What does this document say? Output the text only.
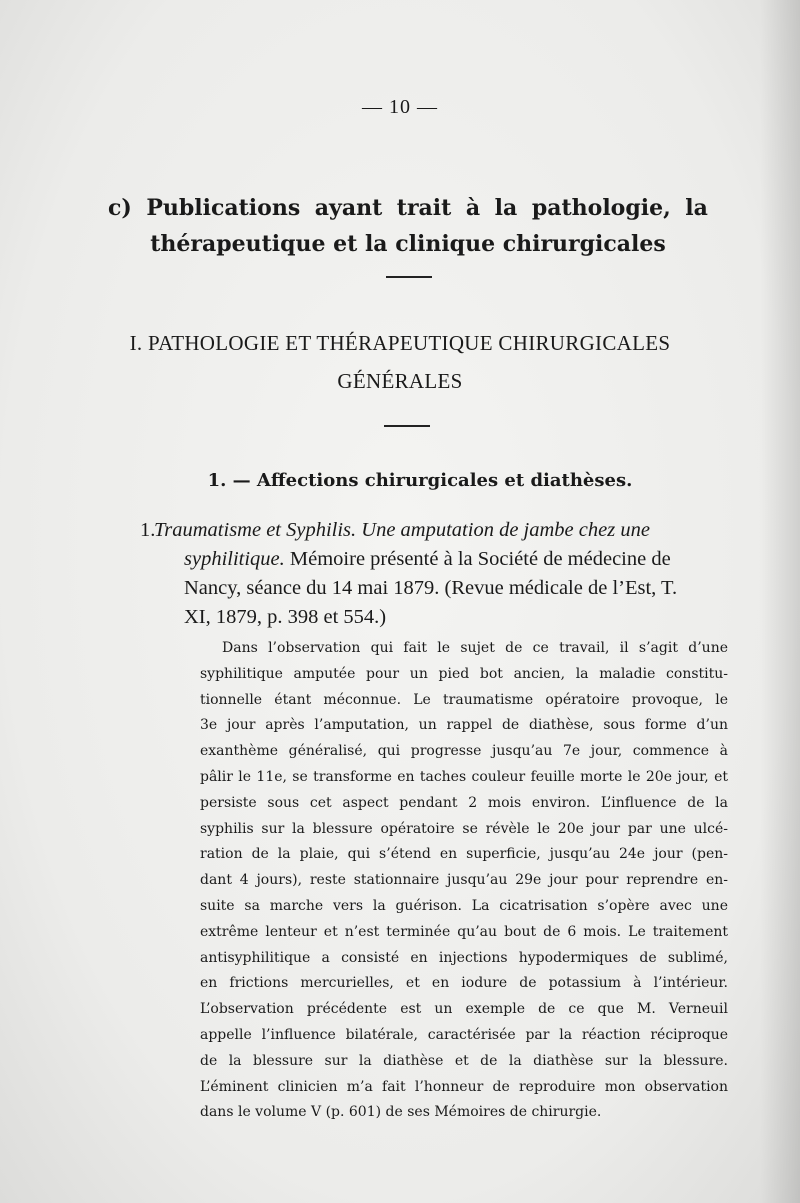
— 10 —
c) Publications ayant trait à la pathologie, la
thérapeutique et la clinique chirurgicales
I. PATHOLOGIE ET THÉRAPEUTIQUE CHIRURGICALES
GÉNÉRALES
1. — Affections chirurgicales et diathèses.
1.
Traumatisme et Syphilis. Une amputation de jambe chez une
syphilitique. Mémoire présenté à la Société de médecine de
Nancy, séance du 14 mai 1879. (Revue médicale de l’Est, T.
XI, 1879, p. 398 et 554.)
Dans l’observation qui fait le sujet de ce travail, il s’agit d’une
syphilitique amputée pour un pied bot ancien, la maladie constitu-
tionnelle étant méconnue. Le traumatisme opératoire provoque, le
3e jour après l’amputation, un rappel de diathèse, sous forme d’un
exanthème généralisé, qui progresse jusqu’au 7e jour, commence à
pâlir le 11e, se transforme en taches couleur feuille morte le 20e jour, et
persiste sous cet aspect pendant 2 mois environ. L’influence de la
syphilis sur la blessure opératoire se révèle le 20e jour par une ulcé-
ration de la plaie, qui s’étend en superficie, jusqu’au 24e jour (pen-
dant 4 jours), reste stationnaire jusqu’au 29e jour pour reprendre en-
suite sa marche vers la guérison. La cicatrisation s’opère avec une
extrême lenteur et n’est terminée qu’au bout de 6 mois. Le traitement
antisyphilitique a consisté en injections hypodermiques de sublimé,
en frictions mercurielles, et en iodure de potassium à l’intérieur.
L’observation précédente est un exemple de ce que M. Verneuil
appelle l’influence bilatérale, caractérisée par la réaction réciproque
de la blessure sur la diathèse et de la diathèse sur la blessure.
L’éminent clinicien m’a fait l’honneur de reproduire mon observation
dans le volume V (p. 601) de ses Mémoires de chirurgie.
